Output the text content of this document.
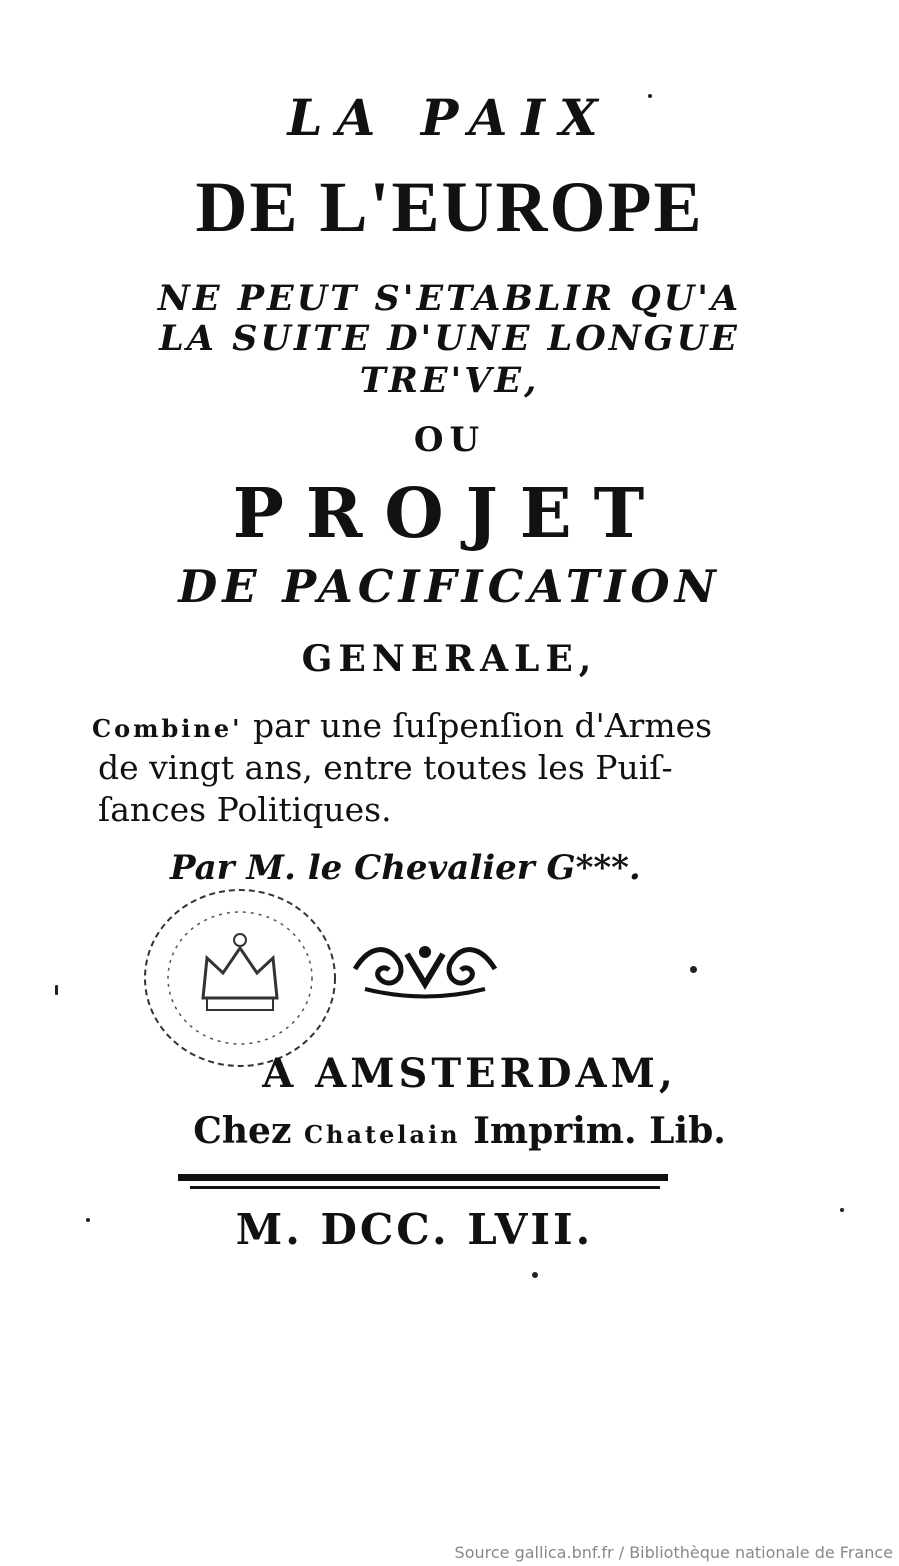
LA PAIX
DE L'EUROPE
NE PEUT S'ETABLIR QU'A
LA SUITE D'UNE LONGUE
TRE'VE,
OU
PROJET
DE PACIFICATION
GENERALE,
Combine' par une ſuſpenſion d'Armes
de vingt ans, entre toutes les Puiſ-
ſances Politiques.
Par M. le Chevalier G***.
A AMSTERDAM,
Chez Chatelain Imprim. Lib.
M. DCC. LVII.
Source gallica.bnf.fr / Bibliothèque nationale de France
